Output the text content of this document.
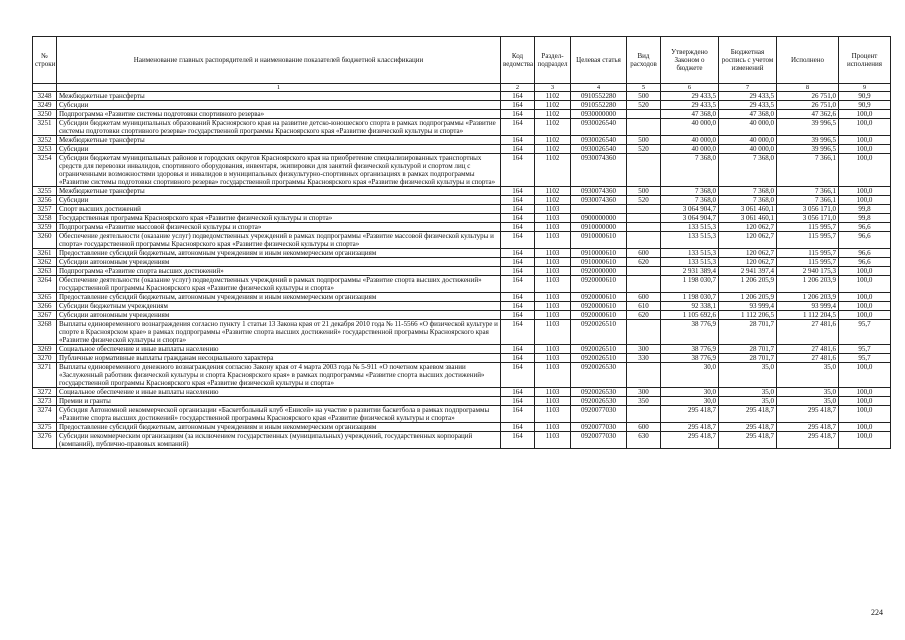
№ строки	Наименование главных распорядителей и наименование показателей бюджетной классификации	Код ведомства	Раздел-подраздел	Целевая статья	Вид расходов	Утверждено Законом о бюджете	Бюджетная роспись с учетом изменений	Исполнено	Процент исполнения
	1	2	3	4	5	6	7	8	9
3248	Межбюджетные трансферты	164	1102	0910552280	500	29 433,5	29 433,5	26 751,0	90,9
3249	Субсидии	164	1102	0910552280	520	29 433,5	29 433,5	26 751,0	90,9
3250	Подпрограмма «Развитие системы подготовки спортивного резерва»	164	1102	0930000000		47 368,0	47 368,0	47 362,6	100,0
3251	Субсидии бюджетам муниципальных образований Красноярского края на развитие детско-юношеского спорта в рамках подпрограммы «Развитие системы подготовки спортивного резерва» государственной программы Красноярского края «Развитие физической культуры и спорта»	164	1102	0930026540		40 000,0	40 000,0	39 996,5	100,0
3252	Межбюджетные трансферты	164	1102	0930026540	500	40 000,0	40 000,0	39 996,5	100,0
3253	Субсидии	164	1102	0930026540	520	40 000,0	40 000,0	39 996,5	100,0
3254	Субсидии бюджетам муниципальных районов и городских округов Красноярского края на приобретение специализированных транспортных средств для перевозки инвалидов, спортивного оборудования, инвентаря, экипировки для занятий физической культурой и спортом лиц с ограниченными возможностями здоровья и инвалидов в муниципальных физкультурно-спортивных организациях в рамках подпрограммы «Развитие системы подготовки спортивного резерва» государственной программы Красноярского края «Развитие физической культуры и спорта»	164	1102	0930074360		7 368,0	7 368,0	7 366,1	100,0
3255	Межбюджетные трансферты	164	1102	0930074360	500	7 368,0	7 368,0	7 366,1	100,0
3256	Субсидии	164	1102	0930074360	520	7 368,0	7 368,0	7 366,1	100,0
3257	Спорт высших достижений	164	1103			3 064 904,7	3 061 460,1	3 056 171,0	99,8
3258	Государственная программа Красноярского края «Развитие физической культуры и спорта»	164	1103	0900000000		3 064 904,7	3 061 460,1	3 056 171,0	99,8
3259	Подпрограмма «Развитие массовой физической культуры и спорта»	164	1103	0910000000		133 515,3	120 062,7	115 995,7	96,6
3260	Обеспечение деятельности (оказание услуг) подведомственных учреждений в рамках подпрограммы «Развитие массовой физической культуры и спорта» государственной программы Красноярского края «Развитие физической культуры и спорта»	164	1103	0910000610		133 515,3	120 062,7	115 995,7	96,6
3261	Предоставление субсидий бюджетным, автономным учреждениям и иным некоммерческим организациям	164	1103	0910000610	600	133 515,3	120 062,7	115 995,7	96,6
3262	Субсидии автономным учреждениям	164	1103	0910000610	620	133 515,3	120 062,7	115 995,7	96,6
3263	Подпрограмма «Развитие спорта высших достижений»	164	1103	0920000000		2 931 389,4	2 941 397,4	2 940 175,3	100,0
3264	Обеспечение деятельности (оказание услуг) подведомственных учреждений в рамках подпрограммы «Развитие спорта высших достижений» государственной программы Красноярского края «Развитие физической культуры и спорта»	164	1103	0920000610		1 198 030,7	1 206 205,9	1 206 203,9	100,0
3265	Предоставление субсидий бюджетным, автономным учреждениям и иным некоммерческим организациям	164	1103	0920000610	600	1 198 030,7	1 206 205,9	1 206 203,9	100,0
3266	Субсидии бюджетным учреждениям	164	1103	0920000610	610	92 338,1	93 999,4	93 999,4	100,0
3267	Субсидии автономным учреждениям	164	1103	0920000610	620	1 105 692,6	1 112 206,5	1 112 204,5	100,0
3268	Выплаты единовременного вознаграждения согласно пункту 1 статьи 13 Закона края от 21 декабря 2010 года № 11-5566 «О физической культуре и спорте в Красноярском крае» в рамках подпрограммы «Развитие спорта высших достижений» государственной программы Красноярского края «Развитие физической культуры и спорта»	164	1103	0920026510		38 776,9	28 701,7	27 481,6	95,7
3269	Социальное обеспечение и иные выплаты населению	164	1103	0920026510	300	38 776,9	28 701,7	27 481,6	95,7
3270	Публичные нормативные выплаты гражданам несоциального характера	164	1103	0920026510	330	38 776,9	28 701,7	27 481,6	95,7
3271	Выплаты единовременного денежного вознаграждения согласно Закону края от 4 марта 2003 года № 5-911 «О почетном краевом звании «Заслуженный работник физической культуры и спорта Красноярского края» в рамках подпрограммы «Развитие спорта высших достижений» государственной программы Красноярского края «Развитие физической культуры и спорта»	164	1103	0920026530		30,0	35,0	35,0	100,0
3272	Социальное обеспечение и иные выплаты населению	164	1103	0920026530	300	30,0	35,0	35,0	100,0
3273	Премии и гранты	164	1103	0920026530	350	30,0	35,0	35,0	100,0
3274	Субсидия Автономной некоммерческой организации «Баскетбольный клуб «Енисей» на участие в развитии баскетбола в рамках подпрограммы «Развитие спорта высших достижений» государственной программы Красноярского края «Развитие физической культуры и спорта»	164	1103	0920077030		295 418,7	295 418,7	295 418,7	100,0
3275	Предоставление субсидий бюджетным, автономным учреждениям и иным некоммерческим организациям	164	1103	0920077030	600	295 418,7	295 418,7	295 418,7	100,0
3276	Субсидии некоммерческим организациям (за исключением государственных (муниципальных) учреждений, государственных корпораций (компаний), публично-правовых компаний)	164	1103	0920077030	630	295 418,7	295 418,7	295 418,7	100,0
224
